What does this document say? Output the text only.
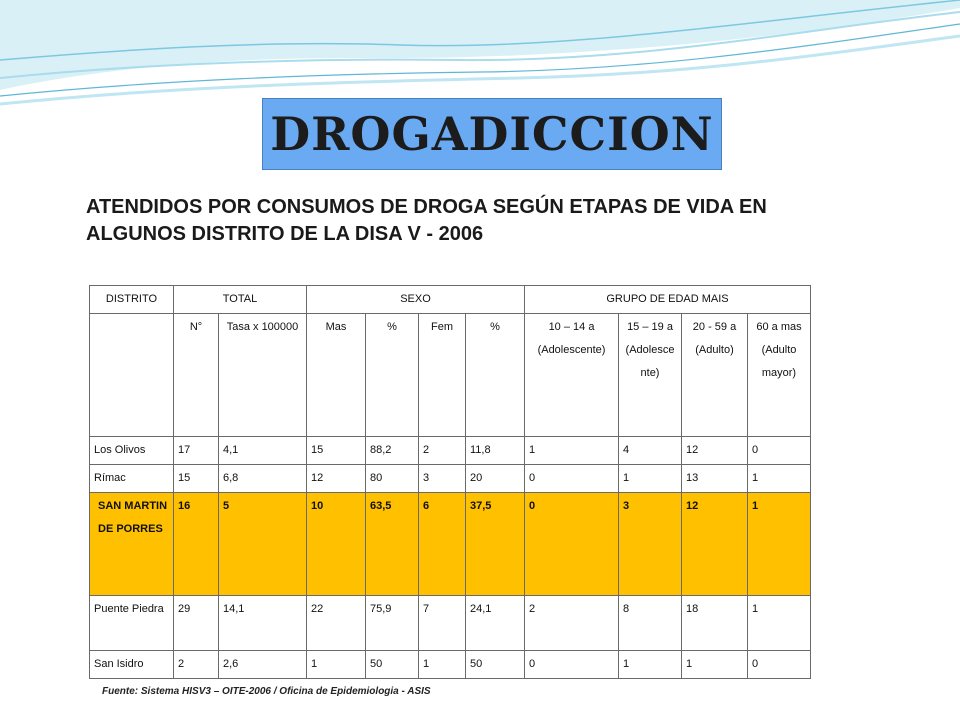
DROGADICCION
ATENDIDOS POR CONSUMOS DE DROGA SEGÚN ETAPAS DE VIDA EN ALGUNOS DISTRITO DE LA DISA V - 2006
DISTRITO	TOTAL		SEXO				GRUPO DE EDAD MAIS			
	N°	Tasa x 100000	Mas	%	Fem	%	10 – 14 a (Adolescente)	15 – 19 a (Adolesce nte)	20 - 59 a (Adulto)	60 a mas (Adulto mayor)
Los Olivos	17	4,1	15	88,2	2	11,8	1	4	12	0
Rímac	15	6,8	12	80	3	20	0	1	13	1
SAN MARTIN DE PORRES	16	5	10	63,5	6	37,5	0	3	12	1
Puente Piedra	29	14,1	22	75,9	7	24,1	2	8	18	1
San Isidro	2	2,6	1	50	1	50	0	1	1	0
Fuente: Sistema HISV3 – OITE-2006 / Oficina de Epidemiologia - ASIS
